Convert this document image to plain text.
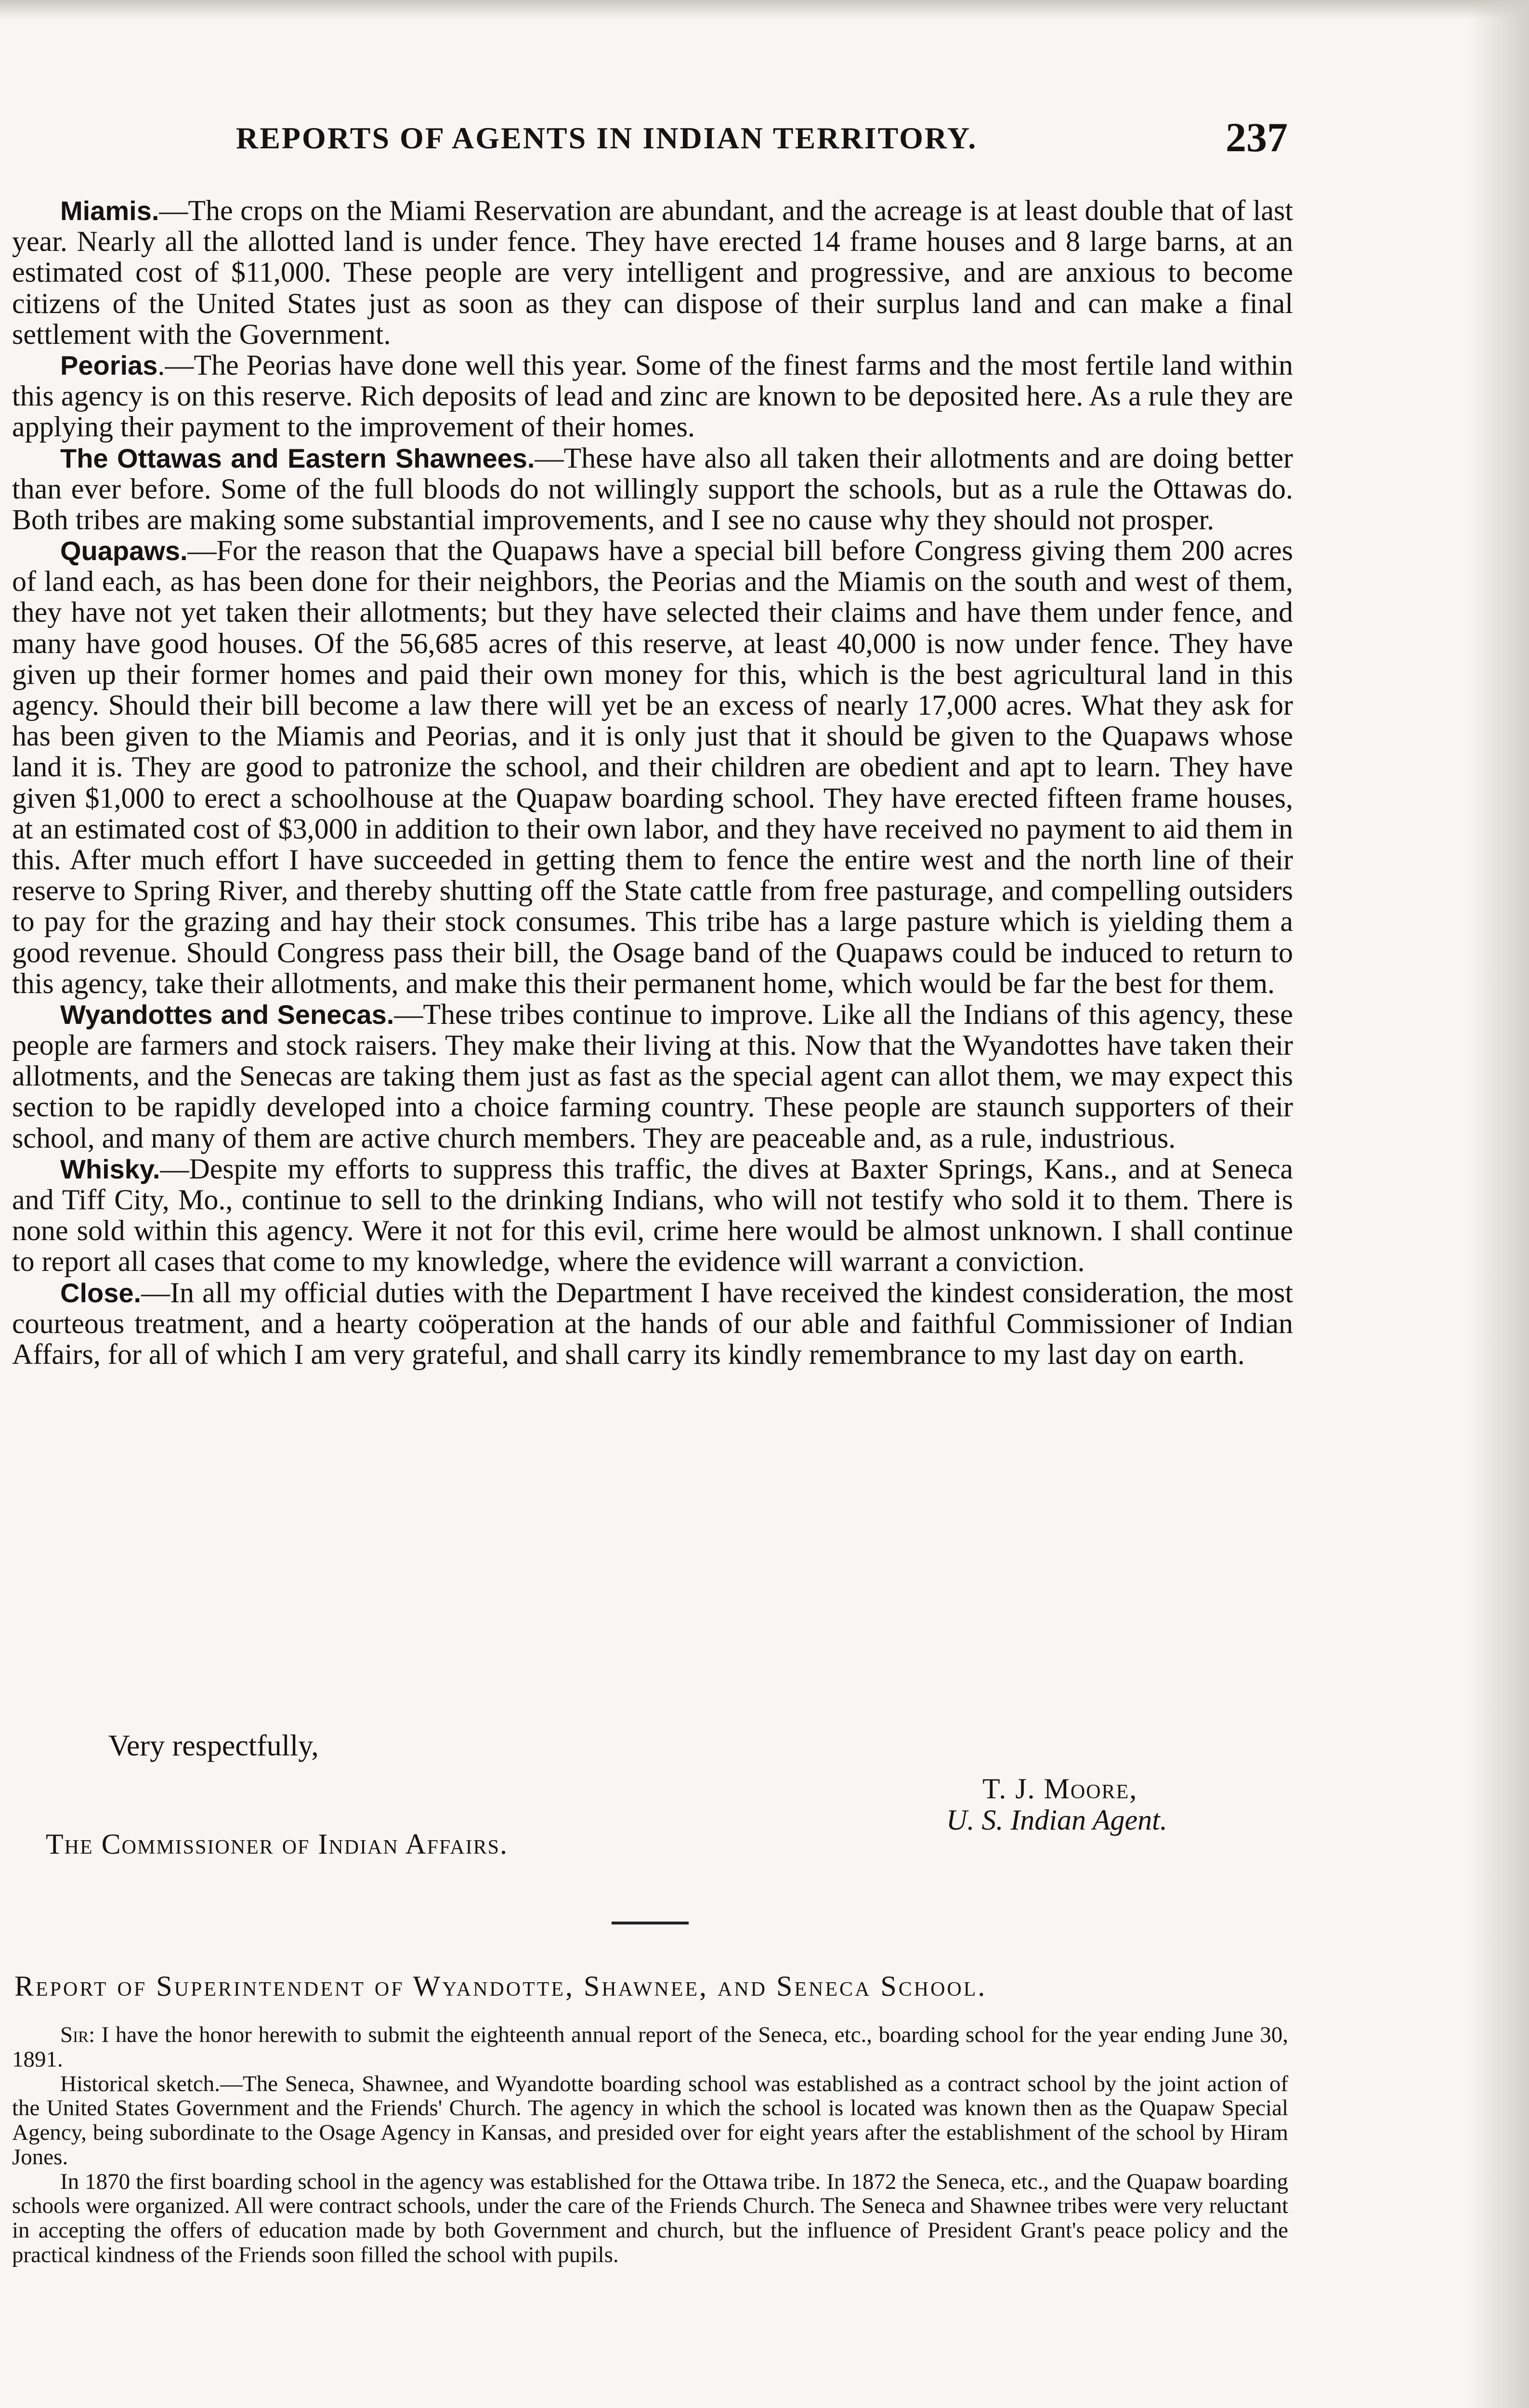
REPORTS OF AGENTS IN INDIAN TERRITORY.	237

Miamis.—The crops on the Miami Reservation are abundant, and the acreage is at least double that of last year. Nearly all the allotted land is under fence. They have erected 14 frame houses and 8 large barns, at an estimated cost of $11,000. These people are very intelligent and progressive, and are anxious to become citizens of the United States just as soon as they can dispose of their surplus land and can make a final settlement with the Government.

Peorias.—The Peorias have done well this year. Some of the finest farms and the most fertile land within this agency is on this reserve. Rich deposits of lead and zinc are known to be deposited here. As a rule they are applying their payment to the improvement of their homes.

The Ottawas and Eastern Shawnees.—These have also all taken their allotments and are doing better than ever before. Some of the full bloods do not willingly support the schools, but as a rule the Ottawas do. Both tribes are making some substantial improvements, and I see no cause why they should not prosper.

Quapaws.—For the reason that the Quapaws have a special bill before Congress giving them 200 acres of land each, as has been done for their neighbors, the Peorias and the Miamis on the south and west of them, they have not yet taken their allotments; but they have selected their claims and have them under fence, and many have good houses. Of the 56,685 acres of this reserve, at least 40,000 is now under fence. They have given up their former homes and paid their own money for this, which is the best agricultural land in this agency. Should their bill become a law there will yet be an excess of nearly 17,000 acres. What they ask for has been given to the Miamis and Peorias, and it is only just that it should be given to the Quapaws whose land it is. They are good to patronize the school, and their children are obedient and apt to learn. They have given $1,000 to erect a schoolhouse at the Quapaw boarding school. They have erected fifteen frame houses, at an estimated cost of $3,000 in addition to their own labor, and they have received no payment to aid them in this. After much effort I have succeeded in getting them to fence the entire west and the north line of their reserve to Spring River, and thereby shutting off the State cattle from free pasturage, and compelling outsiders to pay for the grazing and hay their stock consumes. This tribe has a large pasture which is yielding them a good revenue. Should Congress pass their bill, the Osage band of the Quapaws could be induced to return to this agency, take their allotments, and make this their permanent home, which would be far the best for them.

Wyandottes and Senecas.—These tribes continue to improve. Like all the Indians of this agency, these people are farmers and stock raisers. They make their living at this. Now that the Wyandottes have taken their allotments, and the Senecas are taking them just as fast as the special agent can allot them, we may expect this section to be rapidly developed into a choice farming country. These people are staunch supporters of their school, and many of them are active church members. They are peaceable and, as a rule, industrious.

Whisky.—Despite my efforts to suppress this traffic, the dives at Baxter Springs, Kans., and at Seneca and Tiff City, Mo., continue to sell to the drinking Indians, who will not testify who sold it to them. There is none sold within this agency. Were it not for this evil, crime here would be almost unknown. I shall continue to report all cases that come to my knowledge, where the evidence will warrant a conviction.

Close.—In all my official duties with the Department I have received the kindest consideration, the most courteous treatment, and a hearty coöperation at the hands of our able and faithful Commissioner of Indian Affairs, for all of which I am very grateful, and shall carry its kindly remembrance to my last day on earth.

Very respectfully,
T. J. Moore,
U. S. Indian Agent.
The Commissioner of Indian Affairs.
Report of Superintendent of Wyandotte, Shawnee, and Seneca School.

Sir: I have the honor herewith to submit the eighteenth annual report of the Seneca, etc., boarding school for the year ending June 30, 1891.

Historical sketch.—The Seneca, Shawnee, and Wyandotte boarding school was established as a contract school by the joint action of the United States Government and the Friends' Church. The agency in which the school is located was known then as the Quapaw Special Agency, being subordinate to the Osage Agency in Kansas, and presided over for eight years after the establishment of the school by Hiram Jones.

In 1870 the first boarding school in the agency was established for the Ottawa tribe. In 1872 the Seneca, etc., and the Quapaw boarding schools were organized. All were contract schools, under the care of the Friends Church. The Seneca and Shawnee tribes were very reluctant in accepting the offers of education made by both Government and church, but the influence of President Grant's peace policy and the practical kindness of the Friends soon filled the school with pupils.
